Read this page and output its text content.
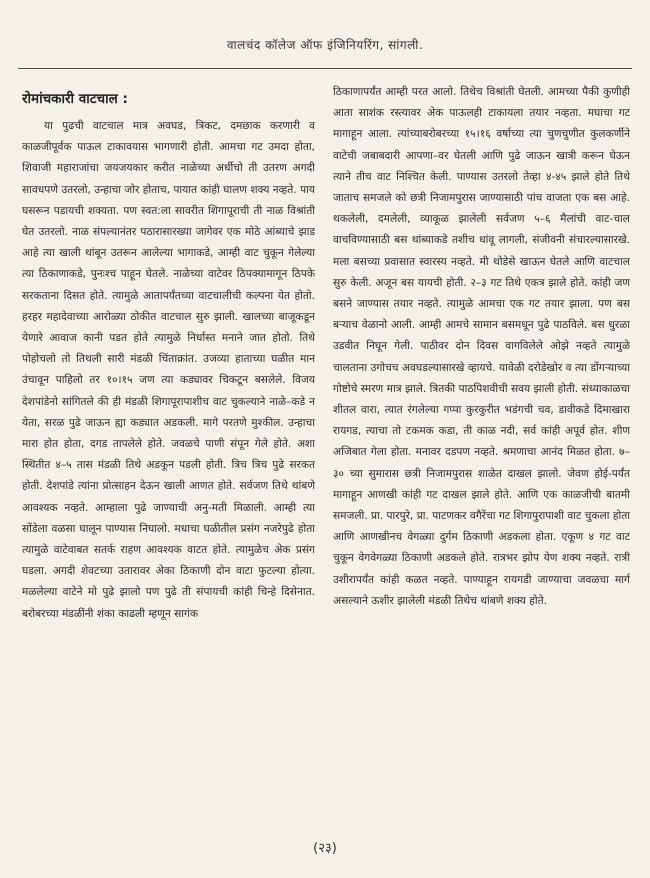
वालचंद कॉलेज ऑफ इंजिनियरिंग, सांगली.
रोमांचकारी वाटचाल :

या पुढची वाटचाल मात्र अवघड, त्रिकट, दमछाक करणारी व काळजीपूर्वक पाऊल टाकावयास भागणारी होती. आमचा गट उमदा होता, शिवाजी महाराजांचा जयजयकार करीत नाळेच्या अर्धीचो ती उतरण अगदी सावधपणे उतरलो, उन्हाचा जोर होताच, पायात कांही घालण शक्य नव्हते. पाय घसरून पडायची शक्यता. पण स्वत:ला सावरीत शिगापूराची ती नाळ विश्रांती घेत उतरलो. नाळ संपल्यानंतर पठारासारख्या जागेवर एक मोठे आंब्याचे झाड आहे त्या खाली थांबून उतरून आलेल्या भागाकडे, आम्ही वाट चुकून गेलेल्या त्या ठिकाणाकडे, पुनःश्च पाहून घेतले. नाळेच्या वाटेवर ठिपक्यामागून ठिपके सरकताना दिसत होते. त्यामुळे आतापर्यंतच्या वाटचालीची कल्पना येत होतो. हरहर महादेवाच्या आरोळ्या ठोकीत वाटचाल सुरु झाली. खालच्या बाजूकडून येणारे आवाज कानी पडत होते त्यामुळे निर्धास्त मनाने जात होतो. तिथे पोहोचलो तो तिथली सारी मंडळी चिंताक्रांत. उजव्या हाताच्या घळीत मान उंचावून पाहिलो तर १०।१५ जण त्या कड्यावर चिकटून बसलेले. विजय देशपांडेनो सांगितले की ही मंडळी शिगापूरापाशीच वाट चुकल्याने नाळे–कडे न येता, सरळ पुढे जाऊन ह्या कड्यात अडकली. मागे परतणे मुश्कील. उन्हाचा मारा होत होता, दगड तापलेले होते. जवळचे पाणी संपून गेले होते. अशा स्थितीत ४–५ तास मंडळी तिथे अडकून पडली होती. त्रिच त्रिच पुढे सरकत होती. देशपांडे त्यांना प्रोत्साहन देऊन खाली आणत होते. सर्वजण तिथे थांबणे आवश्यक नव्हते. आम्हाला पुढे जाण्याची अनु-मती मिळाली. आम्ही त्या सोंडेला वळसा घालून पाण्यास निघालो. मधाचा घळीतील प्रसंग नजरेपुढे होता त्यामुळे वाटेवाबत सतर्क राहण आवश्यक वाटत होते. त्यामुळेच अेक प्रसंग घडला. अगदी शेवटच्या उतारावर अेका ठिकाणी दोन वाटा फुटल्या होत्या. मळलेल्या वाटेने मो पुढे झालो पण पुढे ती संपायची कांही चिन्हे दिसेनात. बरोबरच्या मंडळींनी शंका काढली म्हणून सागंक

ठिकाणापर्यंत आम्ही परत आलो. तिथेच विश्रांती घेतली. आमच्या पैकी कुणीही आता साशंक रस्त्यावर अेक पाऊलही टाकायला तयार नव्हता. मघाचा गट मागाहून आला. त्यांच्याबरोबरच्या १५।१६ वर्षाच्या त्या चुणचुणीत कुलकर्णीने वाटेची जबाबदारी आपणा–वर घेतली आणि पुढे जाऊन खात्री करून घेऊन त्याने तीच वाट निश्चित केली. पाण्यास उतरलो तेव्हा ४-४५ झाले होते तिथे जाताच समजले को छत्री निजामपुरास जाण्यासाठी पांच वाजता एक बस आहे. थकलेली, दमलेली, व्याकूळ झालेली सर्वजण ५–६ मैलांची वाट-चाल वाचविण्यासाठी बस थांब्याकडे तशीच धांवू लागली, संजीवनी संचारल्यासारखे. मला बसच्या प्रवासात स्वारस्य नव्हते. मी थोडेसे खाऊन घेतले आणि वाटचाल सुरु केली. अजून बस यायची होती. २–३ गट तिथे एकत्र झाले होते. कांही जण बसने जाण्यास तयार नव्हते. त्यामुळे आमचा एक गट तयार झाला. पण बस बऱ्याच वेळानो आली. आम्ही आमचे सामान बसमधून पुढे पाठविले. बस धुरळा उडवीत निघून गेली. पाठीवर दोन दिवस वागविलेले ओझे नव्हते त्यामुळे चालताना उगोचच अवघडल्यासारखे व्हायचे. यावेळी दरोडेखोर व त्या डोंगऱ्याच्या गोष्टोचे स्मरण मात्र झाले. त्रितकी पाठपिशवीची सवय झाली होती. संध्याकाळचा शीतल वारा, त्यात रंगलेल्या गप्पा कुरकुरीत भडंगची चव, डावीकडे दिमाखारा रायगड, त्याचा तो टकमक कडा, ती काळ नदी, सर्व कांही अपूर्व होत. शीण अजिबात गेला होता. मनावर दडपण नव्हते. श्रमणाचा आनंद मिळत होता. ७–३० च्या सुमारास छत्री निजामपुरास शाळेत दाखल झालो. जेवण होई-पर्यंत मागाहून आणखी कांही गट दाखल झाले होते. आणि एक काळजीची बातमी समजली. प्रा. पारपुरे, प्रा. पाटणकर वगैरेंचा गट शिगापुरापाशी वाट चुकला होता आणि आणखीनच वेगळ्या दुर्गम ठिकाणी अडकला होता. एकूण ४ गट वाट चुकून वेगवेगळ्या ठिकाणी अडकले होते. रात्रभर झोप येण शक्य नव्हते. रात्री उशीरापर्यंत कांही कळत नव्हते. पाण्याहून रायगडी जाण्याचा जवळचा मार्ग असल्याने ऊशीर झालेली मंडळी तिथेच थांबणे शक्य होते.

(२३)
